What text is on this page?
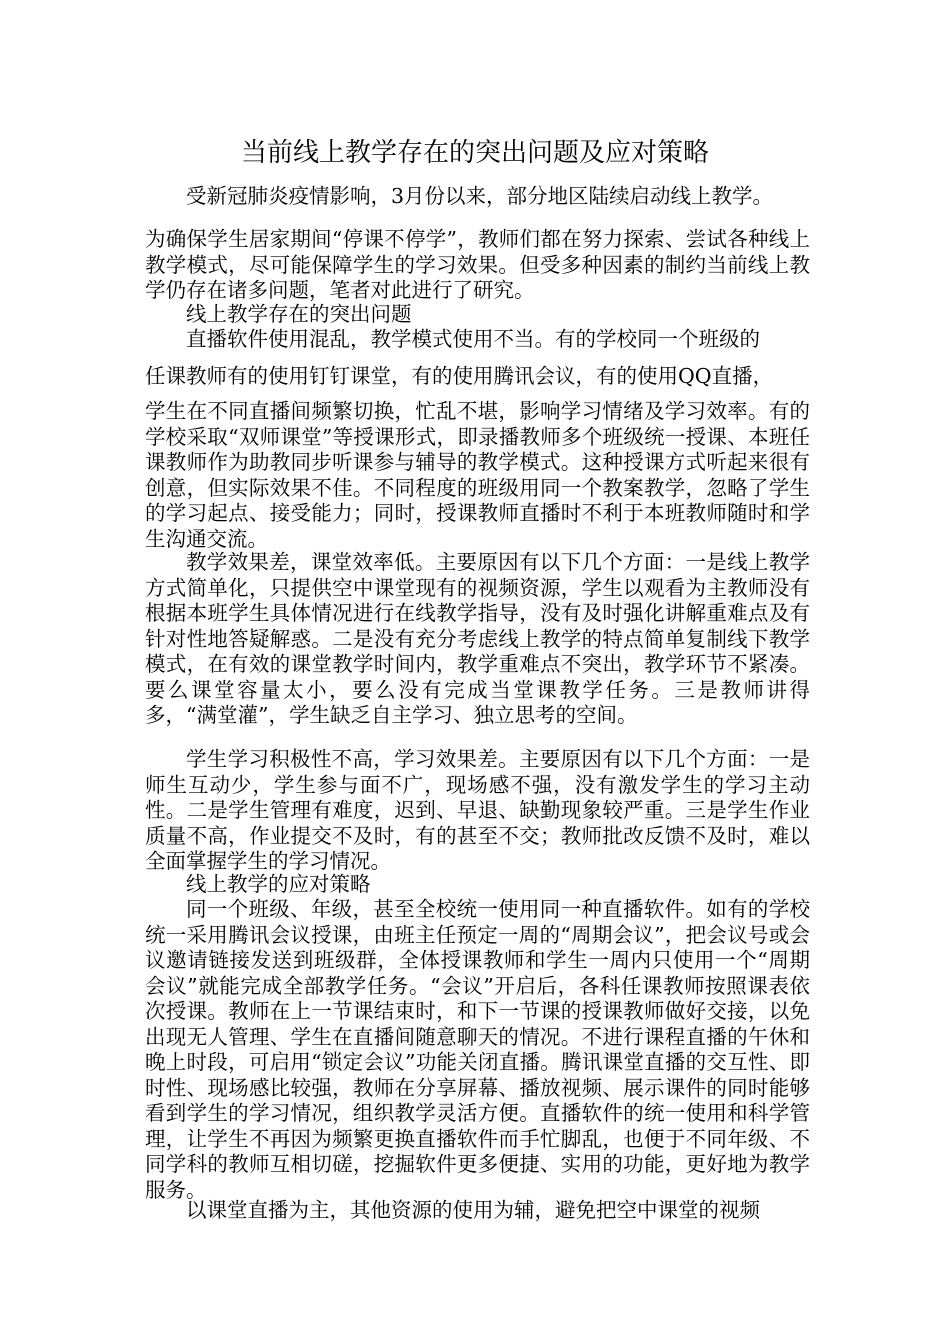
当前线上教学存在的突出问题及应对策略

受新冠肺炎疫情影响，3月份以来，部分地区陆续启动线上教学。

为确保学生居家期间“停课不停学”，教师们都在努力探索、尝试各种线上教学模式，尽可能保障学生的学习效果。但受多种因素的制约当前线上教学仍存在诸多问题，笔者对此进行了研究。

线上教学存在的突出问题

直播软件使用混乱，教学模式使用不当。有的学校同一个班级的

任课教师有的使用钉钉课堂，有的使用腾讯会议，有的使用QQ直播，

学生在不同直播间频繁切换，忙乱不堪，影响学习情绪及学习效率。有的学校采取“双师课堂”等授课形式，即录播教师多个班级统一授课、本班任课教师作为助教同步听课参与辅导的教学模式。这种授课方式听起来很有创意，但实际效果不佳。不同程度的班级用同一个教案教学，忽略了学生的学习起点、接受能力；同时，授课教师直播时不利于本班教师随时和学生沟通交流。

教学效果差，课堂效率低。主要原因有以下几个方面：一是线上教学方式简单化，只提供空中课堂现有的视频资源，学生以观看为主教师没有根据本班学生具体情况进行在线教学指导，没有及时强化讲解重难点及有针对性地答疑解惑。二是没有充分考虑线上教学的特点简单复制线下教学模式，在有效的课堂教学时间内，教学重难点不突出，教学环节不紧凑。要么课堂容量太小，要么没有完成当堂课教学任务。三是教师讲得多，“满堂灌”，学生缺乏自主学习、独立思考的空间。

学生学习积极性不高，学习效果差。主要原因有以下几个方面：一是师生互动少，学生参与面不广，现场感不强，没有激发学生的学习主动性。二是学生管理有难度，迟到、早退、缺勤现象较严重。三是学生作业质量不高，作业提交不及时，有的甚至不交；教师批改反馈不及时，难以全面掌握学生的学习情况。

线上教学的应对策略

同一个班级、年级，甚至全校统一使用同一种直播软件。如有的学校统一采用腾讯会议授课，由班主任预定一周的“周期会议”，把会议号或会议邀请链接发送到班级群，全体授课教师和学生一周内只使用一个“周期会议”就能完成全部教学任务。“会议”开启后，各科任课教师按照课表依次授课。教师在上一节课结束时，和下一节课的授课教师做好交接，以免出现无人管理、学生在直播间随意聊天的情况。不进行课程直播的午休和晚上时段，可启用“锁定会议”功能关闭直播。腾讯课堂直播的交互性、即时性、现场感比较强，教师在分享屏幕、播放视频、展示课件的同时能够看到学生的学习情况，组织教学灵活方便。直播软件的统一使用和科学管理，让学生不再因为频繁更换直播软件而手忙脚乱，也便于不同年级、不同学科的教师互相切磋，挖掘软件更多便捷、实用的功能，更好地为教学服务。

以课堂直播为主，其他资源的使用为辅，避免把空中课堂的视频
